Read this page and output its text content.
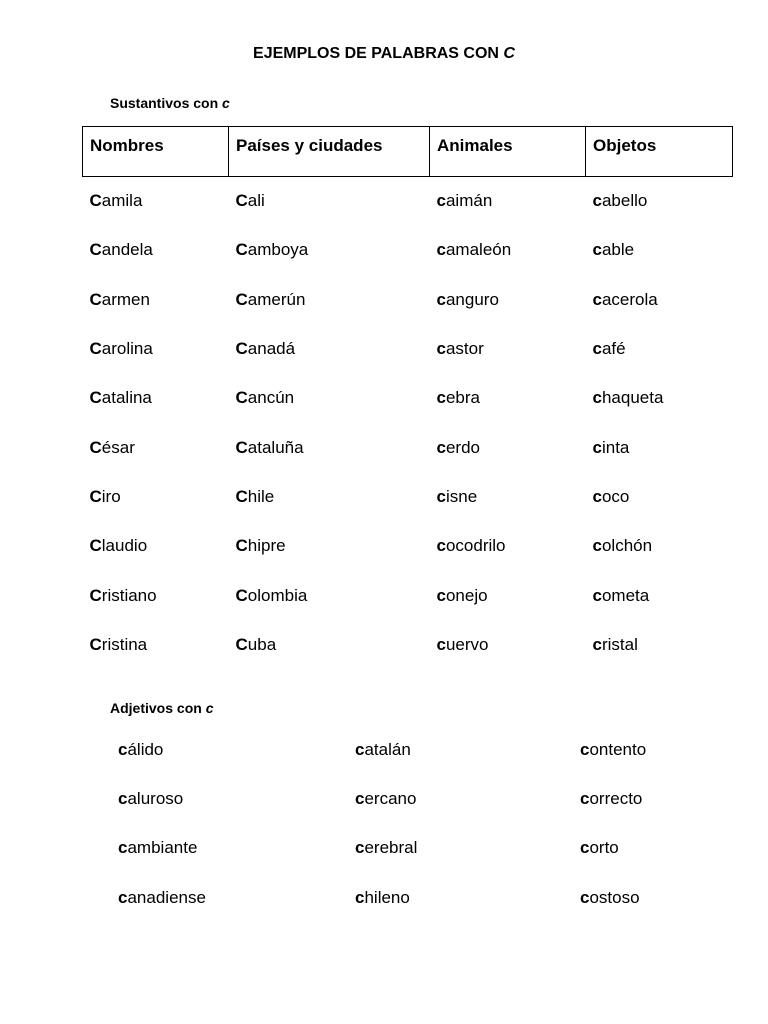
EJEMPLOS DE PALABRAS CON C
Sustantivos con c
Nombres	Países y ciudades	Animales	Objetos
Camila	Cali	caimán	cabello
Candela	Camboya	camaleón	cable
Carmen	Camerún	canguro	cacerola
Carolina	Canadá	castor	café
Catalina	Cancún	cebra	chaqueta
César	Cataluña	cerdo	cinta
Ciro	Chile	cisne	coco
Claudio	Chipre	cocodrilo	colchón
Cristiano	Colombia	conejo	cometa
Cristina	Cuba	cuervo	cristal
Adjetivos con c
cálido	catalán	contento
caluroso	cercano	correcto
cambiante	cerebral	corto
canadiense	chileno	costoso
